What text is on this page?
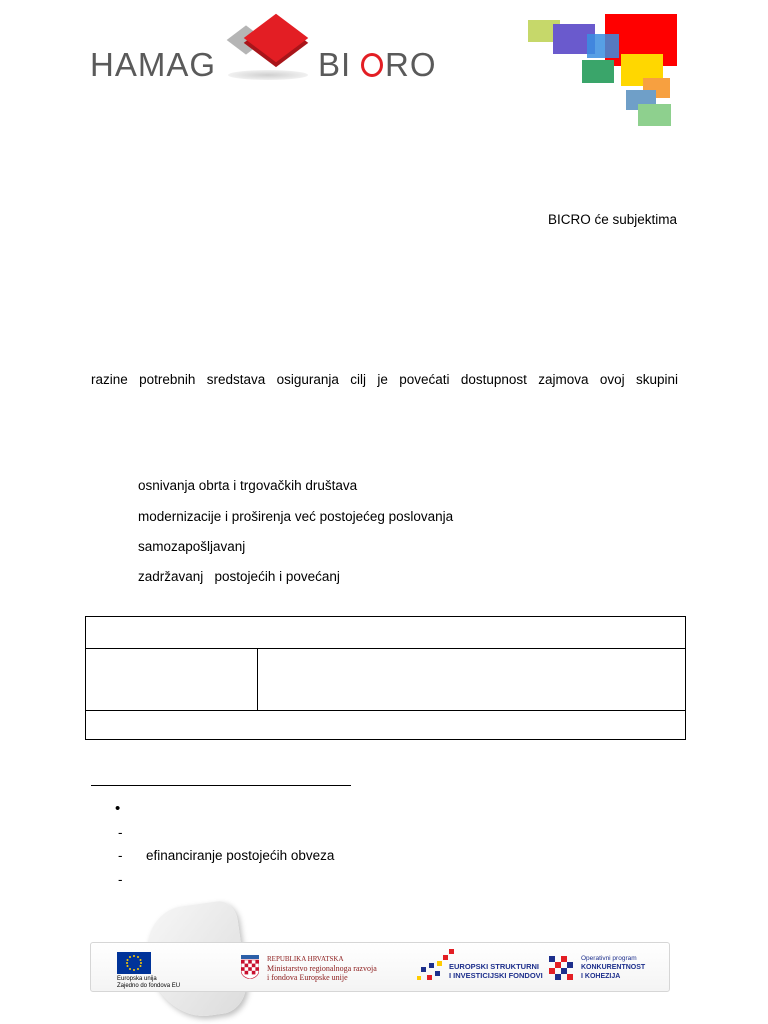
HAMAG	BI RO
BICRO će subjektima
razine potrebnih sredstava osiguranja cilj je povećati dostupnost zajmova ovoj skupini
osnivanja obrta i trgovačkih društava
modernizacije i proširenja već postojećeg poslovanja
samozapošljavanj
zadržavanj   postojećih i povećanj
•
-
- efinanciranje postojećih obveza
-
Europska unija
Zajedno do fondova EU
REPUBLIKA HRVATSKA
Ministarstvo regionalnoga razvoja
i fondova Europske unije
EUROPSKI STRUKTURNI
I INVESTICIJSKI FONDOVI
Operativni program
KONKURENTNOST
I KOHEZIJA
